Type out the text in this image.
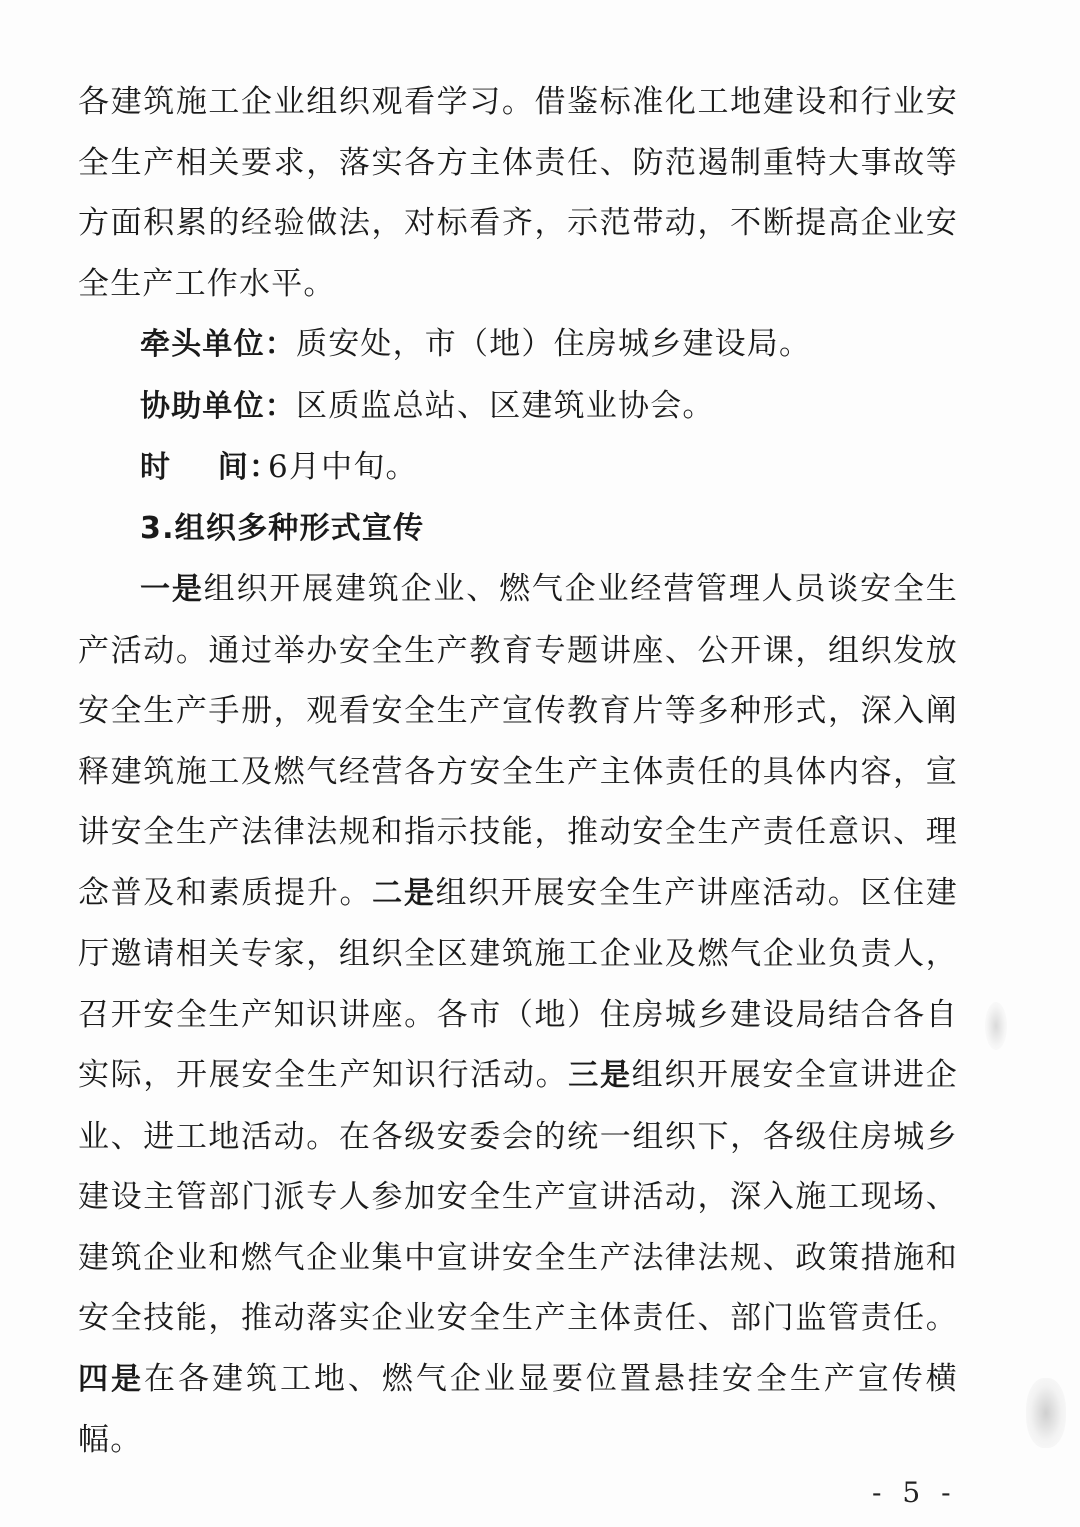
各建筑施工企业组织观看学习。借鉴标准化工地建设和行业安全生产相关要求，落实各方主体责任、防范遏制重特大事故等方面积累的经验做法，对标看齐，示范带动，不断提高企业安全生产工作水平。

牵头单位：质安处，市（地）住房城乡建设局。

协助单位：区质监总站、区建筑业协会。

时    间：6月中旬。

3.组织多种形式宣传

一是组织开展建筑企业、燃气企业经营管理人员谈安全生产活动。通过举办安全生产教育专题讲座、公开课，组织发放安全生产手册，观看安全生产宣传教育片等多种形式，深入阐释建筑施工及燃气经营各方安全生产主体责任的具体内容，宣讲安全生产法律法规和指示技能，推动安全生产责任意识、理念普及和素质提升。二是组织开展安全生产讲座活动。区住建厅邀请相关专家，组织全区建筑施工企业及燃气企业负责人，召开安全生产知识讲座。各市（地）住房城乡建设局结合各自实际，开展安全生产知识行活动。三是组织开展安全宣讲进企业、进工地活动。在各级安委会的统一组织下，各级住房城乡建设主管部门派专人参加安全生产宣讲活动，深入施工现场、建筑企业和燃气企业集中宣讲安全生产法律法规、政策措施和安全技能，推动落实企业安全生产主体责任、部门监管责任。四是在各建筑工地、燃气企业显要位置悬挂安全生产宣传横幅。

- 5 -
